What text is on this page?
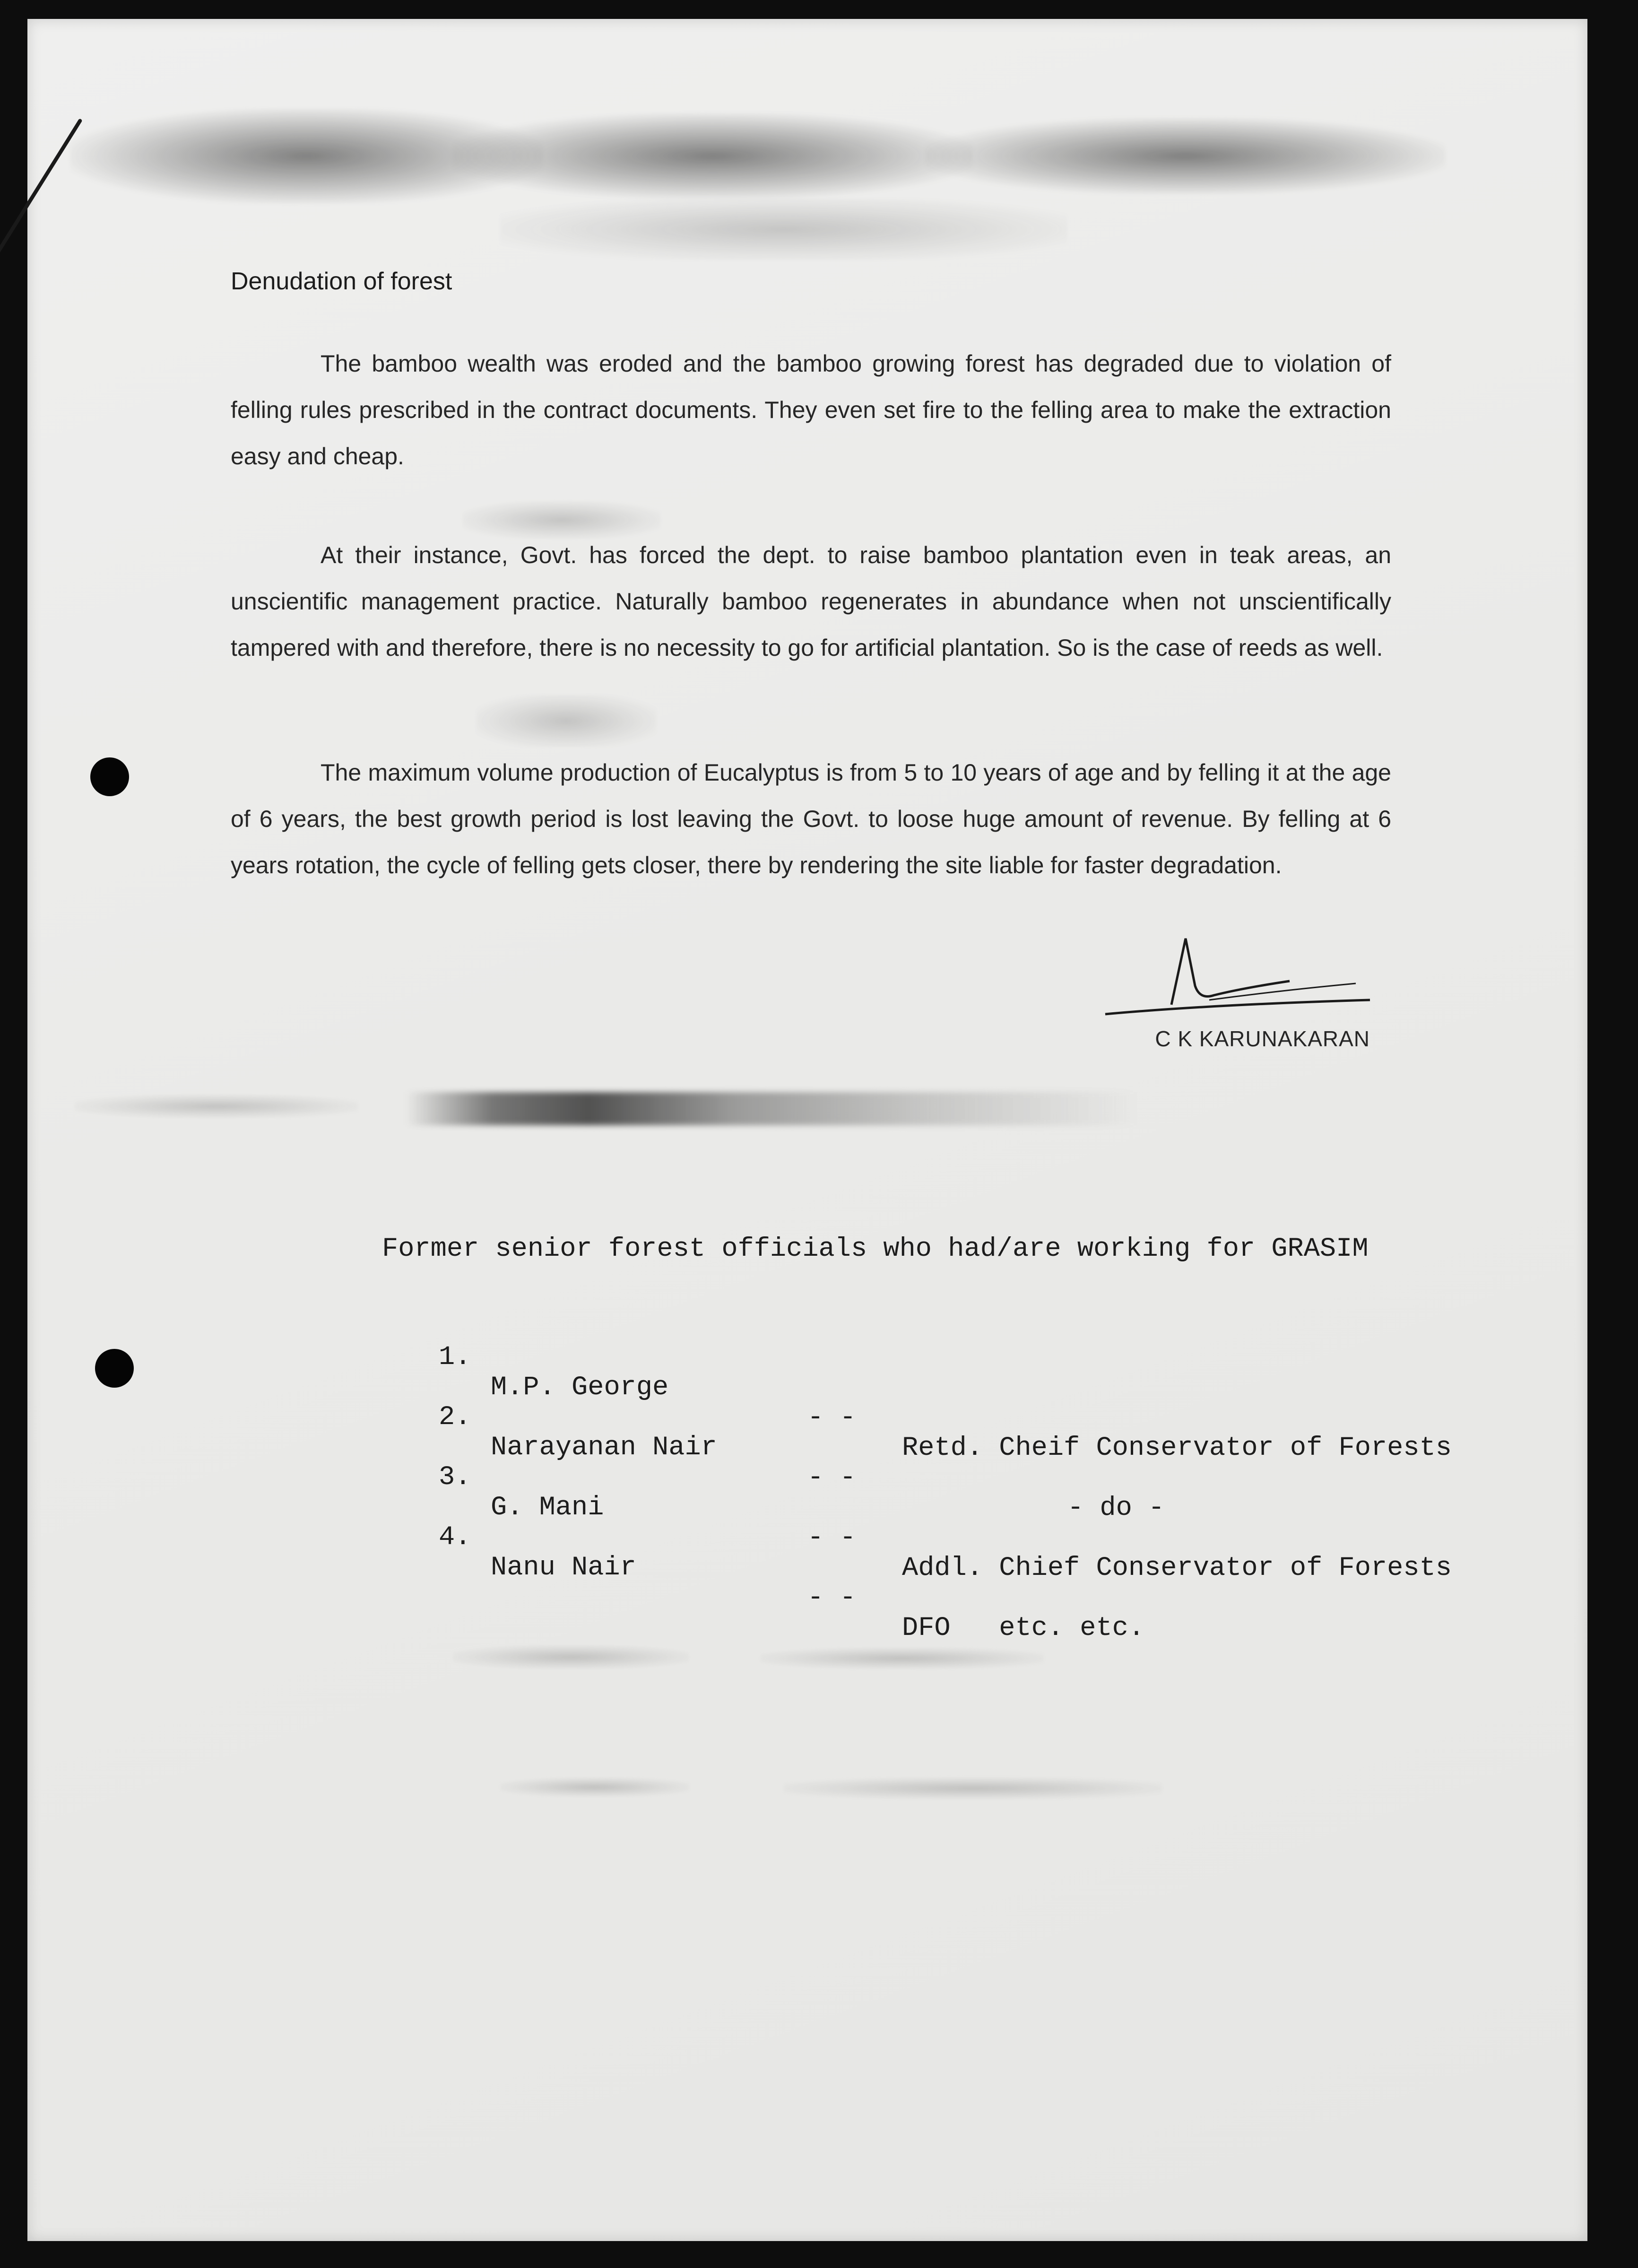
Denudation of forest

The bamboo wealth was eroded and the bamboo growing forest has degraded due to violation of felling rules prescribed in the contract documents. They even set fire to the felling area to make the extraction easy and cheap.

At their instance, Govt. has forced the dept. to raise bamboo plantation even in teak areas, an unscientific management practice. Naturally bamboo regenerates in abundance when not unscientifically tampered with and therefore, there is no necessity to go for artificial plantation. So is the case of reeds as well.

The maximum volume production of Eucalyptus is from 5 to 10 years of age and by felling it at the age of 6 years, the best growth period is lost leaving the Govt. to loose huge amount of revenue. By felling at 6 years rotation, the cycle of felling gets closer, there by rendering the site liable for faster degradation.

C K KARUNAKARAN

Former senior forest officials who had/are working for GRASIM

1.

M.P. George

- -

Retd. Cheif Conservator of Forests

2.

Narayanan Nair

- -

- do -

3.

G. Mani

- -

Addl. Chief Conservator of Forests

4.

Nanu Nair

- -

DFO   etc. etc.
